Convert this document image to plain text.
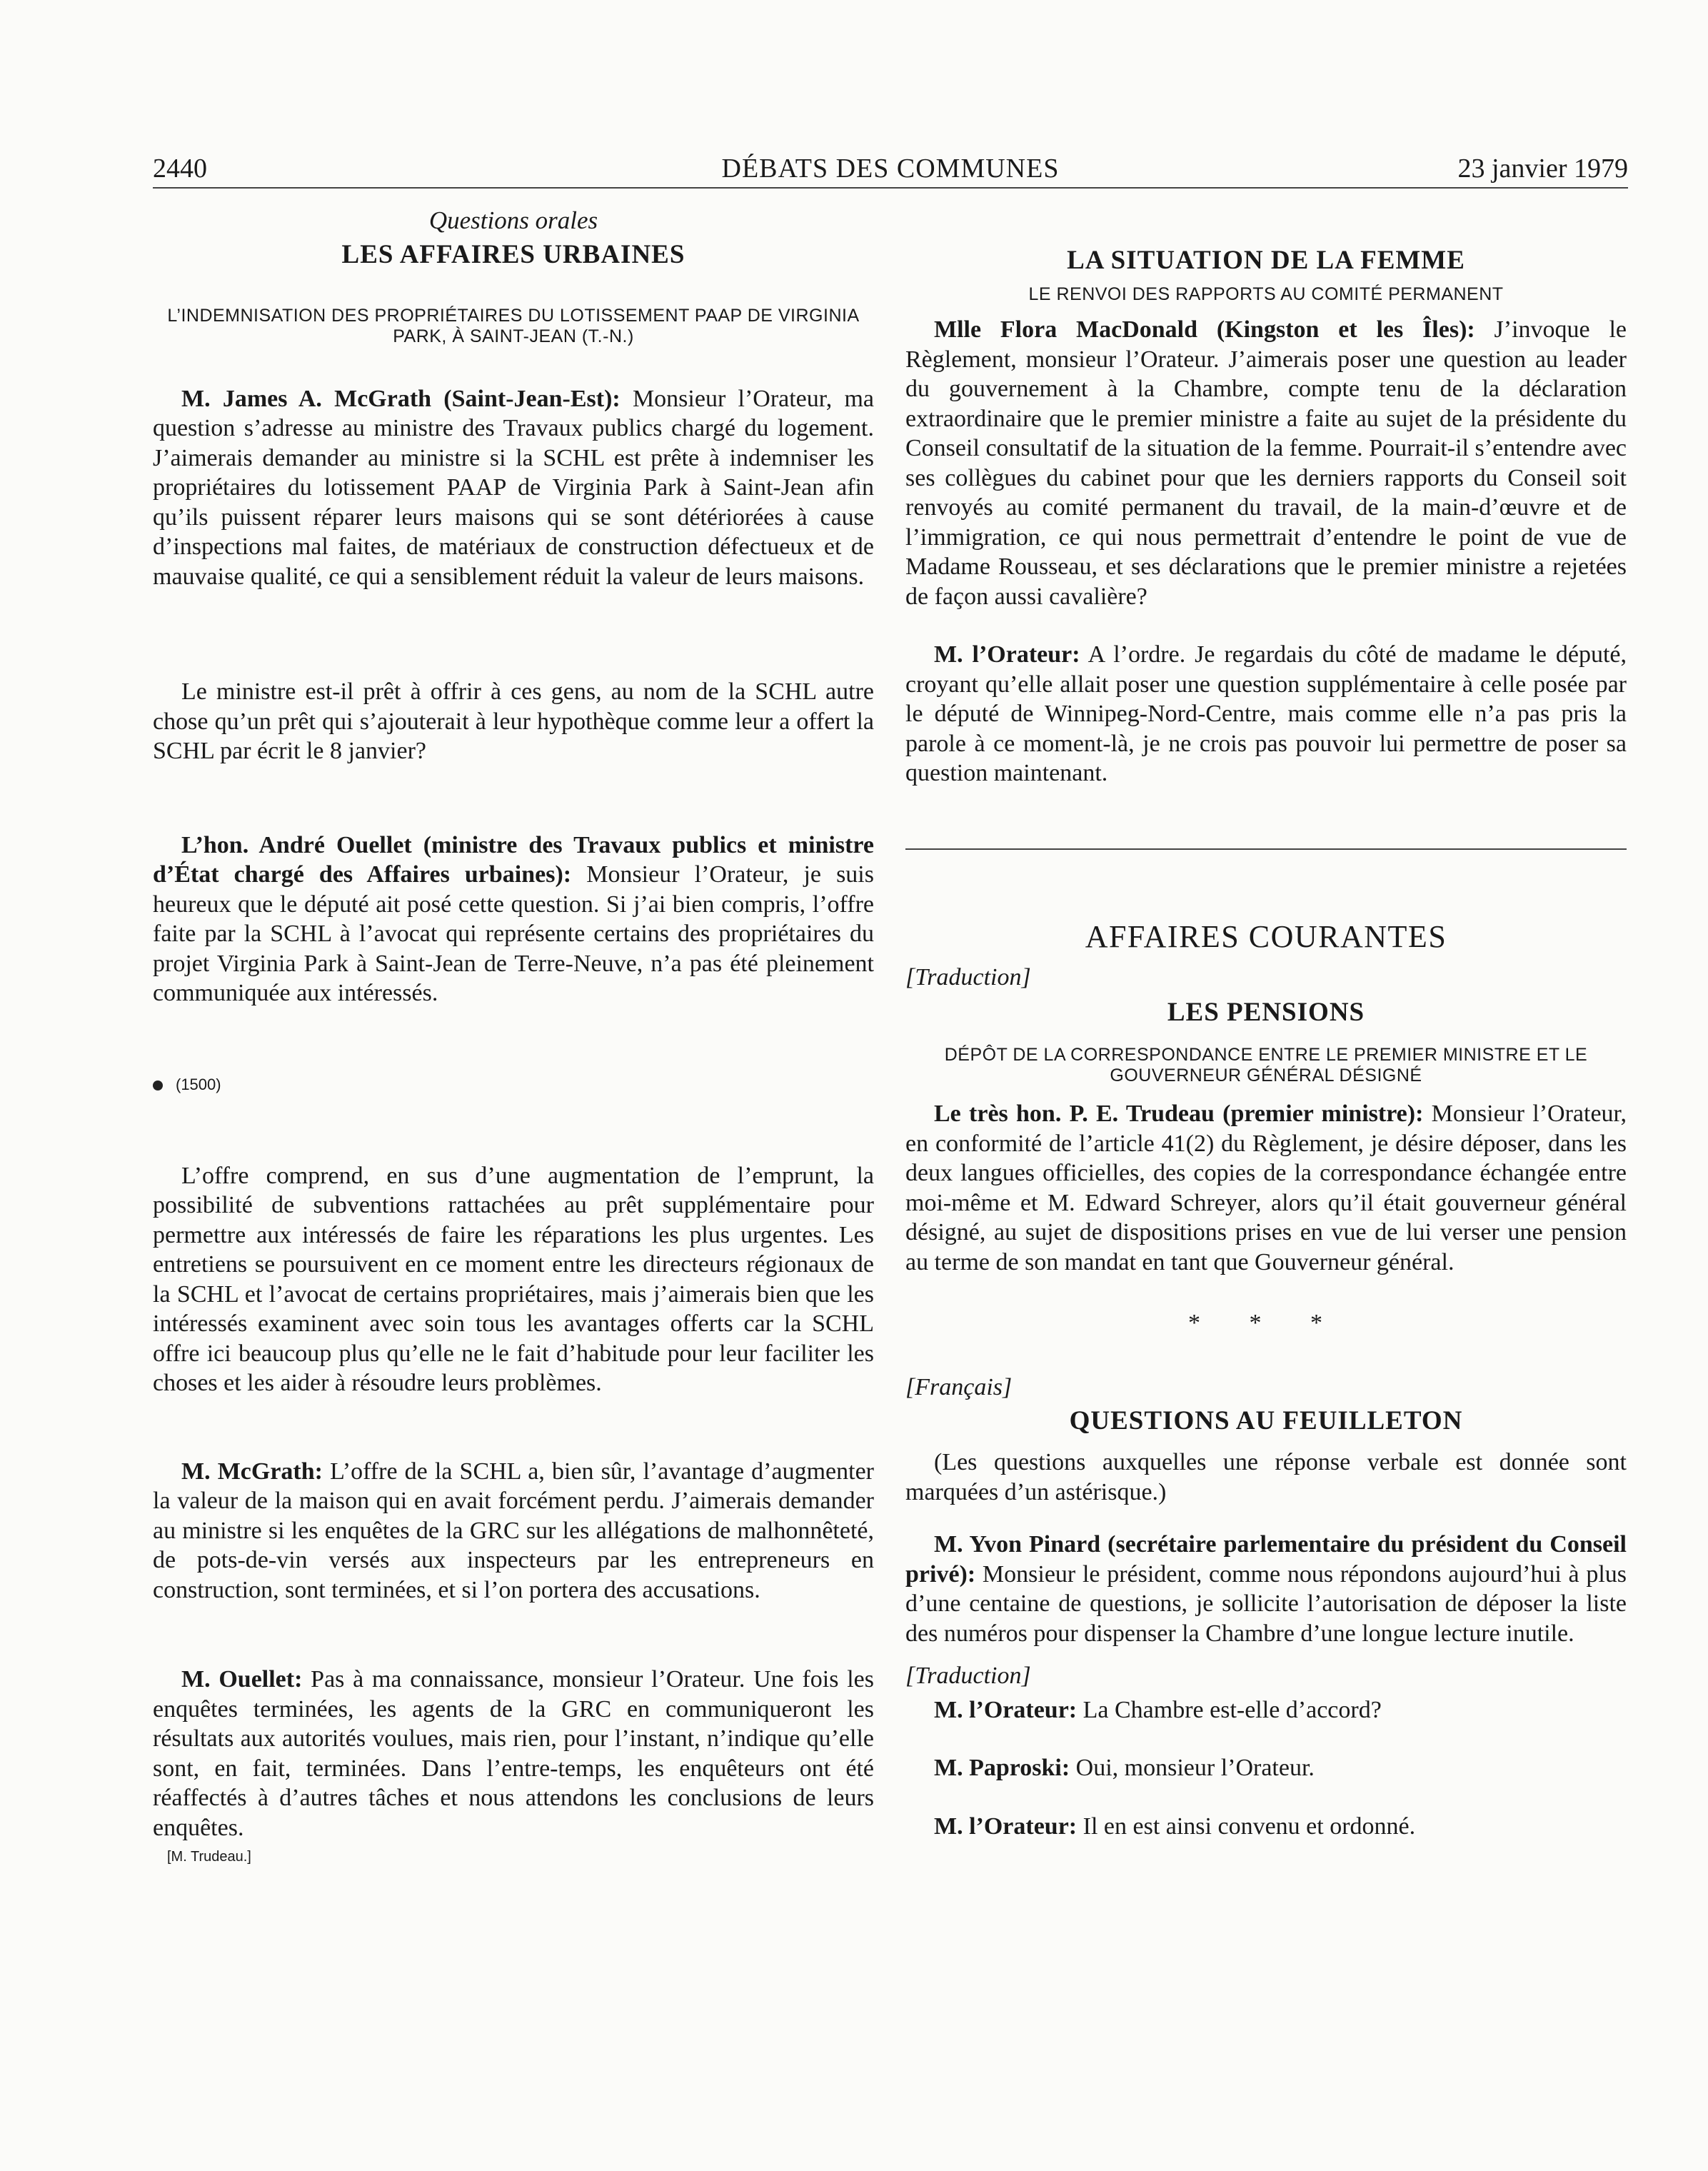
2440	DÉBATS DES COMMUNES	23 janvier 1979

Questions orales

LES AFFAIRES URBAINES

L’INDEMNISATION DES PROPRIÉTAIRES DU LOTISSEMENT PAAP DE VIRGINIA PARK, À SAINT-JEAN (T.-N.)

M. James A. McGrath (Saint-Jean-Est): Monsieur l’Orateur, ma question s’adresse au ministre des Travaux publics chargé du logement. J’aimerais demander au ministre si la SCHL est prête à indemniser les propriétaires du lotissement PAAP de Virginia Park à Saint-Jean afin qu’ils puissent réparer leurs maisons qui se sont détériorées à cause d’inspections mal faites, de matériaux de construction défectueux et de mauvaise qualité, ce qui a sensiblement réduit la valeur de leurs maisons.

Le ministre est-il prêt à offrir à ces gens, au nom de la SCHL autre chose qu’un prêt qui s’ajouterait à leur hypothèque comme leur a offert la SCHL par écrit le 8 janvier?

L’hon. André Ouellet (ministre des Travaux publics et ministre d’État chargé des Affaires urbaines): Monsieur l’Orateur, je suis heureux que le député ait posé cette question. Si j’ai bien compris, l’offre faite par la SCHL à l’avocat qui représente certains des propriétaires du projet Virginia Park à Saint-Jean de Terre-Neuve, n’a pas été pleinement communiquée aux intéressés.

(1500)

L’offre comprend, en sus d’une augmentation de l’emprunt, la possibilité de subventions rattachées au prêt supplémentaire pour permettre aux intéressés de faire les réparations les plus urgentes. Les entretiens se poursuivent en ce moment entre les directeurs régionaux de la SCHL et l’avocat de certains propriétaires, mais j’aimerais bien que les intéressés examinent avec soin tous les avantages offerts car la SCHL offre ici beaucoup plus qu’elle ne le fait d’habitude pour leur faciliter les choses et les aider à résoudre leurs problèmes.

M. McGrath: L’offre de la SCHL a, bien sûr, l’avantage d’augmenter la valeur de la maison qui en avait forcément perdu. J’aimerais demander au ministre si les enquêtes de la GRC sur les allégations de malhonnêteté, de pots-de-vin versés aux inspecteurs par les entrepreneurs en construction, sont terminées, et si l’on portera des accusations.

M. Ouellet: Pas à ma connaissance, monsieur l’Orateur. Une fois les enquêtes terminées, les agents de la GRC en communiqueront les résultats aux autorités voulues, mais rien, pour l’instant, n’indique qu’elle sont, en fait, terminées. Dans l’entre-temps, les enquêteurs ont été réaffectés à d’autres tâches et nous attendons les conclusions de leurs enquêtes.

[M. Trudeau.]

LA SITUATION DE LA FEMME

LE RENVOI DES RAPPORTS AU COMITÉ PERMANENT

Mlle Flora MacDonald (Kingston et les Îles): J’invoque le Règlement, monsieur l’Orateur. J’aimerais poser une question au leader du gouvernement à la Chambre, compte tenu de la déclaration extraordinaire que le premier ministre a faite au sujet de la présidente du Conseil consultatif de la situation de la femme. Pourrait-il s’entendre avec ses collègues du cabinet pour que les derniers rapports du Conseil soit renvoyés au comité permanent du travail, de la main-d’œuvre et de l’immigration, ce qui nous permettrait d’entendre le point de vue de Madame Rousseau, et ses déclarations que le premier ministre a rejetées de façon aussi cavalière?

M. l’Orateur: A l’ordre. Je regardais du côté de madame le député, croyant qu’elle allait poser une question supplémentaire à celle posée par le député de Winnipeg-Nord-Centre, mais comme elle n’a pas pris la parole à ce moment-là, je ne crois pas pouvoir lui permettre de poser sa question maintenant.

AFFAIRES COURANTES

[Traduction]

LES PENSIONS

DÉPÔT DE LA CORRESPONDANCE ENTRE LE PREMIER MINISTRE ET LE GOUVERNEUR GÉNÉRAL DÉSIGNÉ

Le très hon. P. E. Trudeau (premier ministre): Monsieur l’Orateur, en conformité de l’article 41(2) du Règlement, je désire déposer, dans les deux langues officielles, des copies de la correspondance échangée entre moi-même et M. Edward Schreyer, alors qu’il était gouverneur général désigné, au sujet de dispositions prises en vue de lui verser une pension au terme de son mandat en tant que Gouverneur général.

* * *

[Français]

QUESTIONS AU FEUILLETON

(Les questions auxquelles une réponse verbale est donnée sont marquées d’un astérisque.)

M. Yvon Pinard (secrétaire parlementaire du président du Conseil privé): Monsieur le président, comme nous répondons aujourd’hui à plus d’une centaine de questions, je sollicite l’autorisation de déposer la liste des numéros pour dispenser la Chambre d’une longue lecture inutile.

[Traduction]

M. l’Orateur: La Chambre est-elle d’accord?

M. Paproski: Oui, monsieur l’Orateur.

M. l’Orateur: Il en est ainsi convenu et ordonné.
